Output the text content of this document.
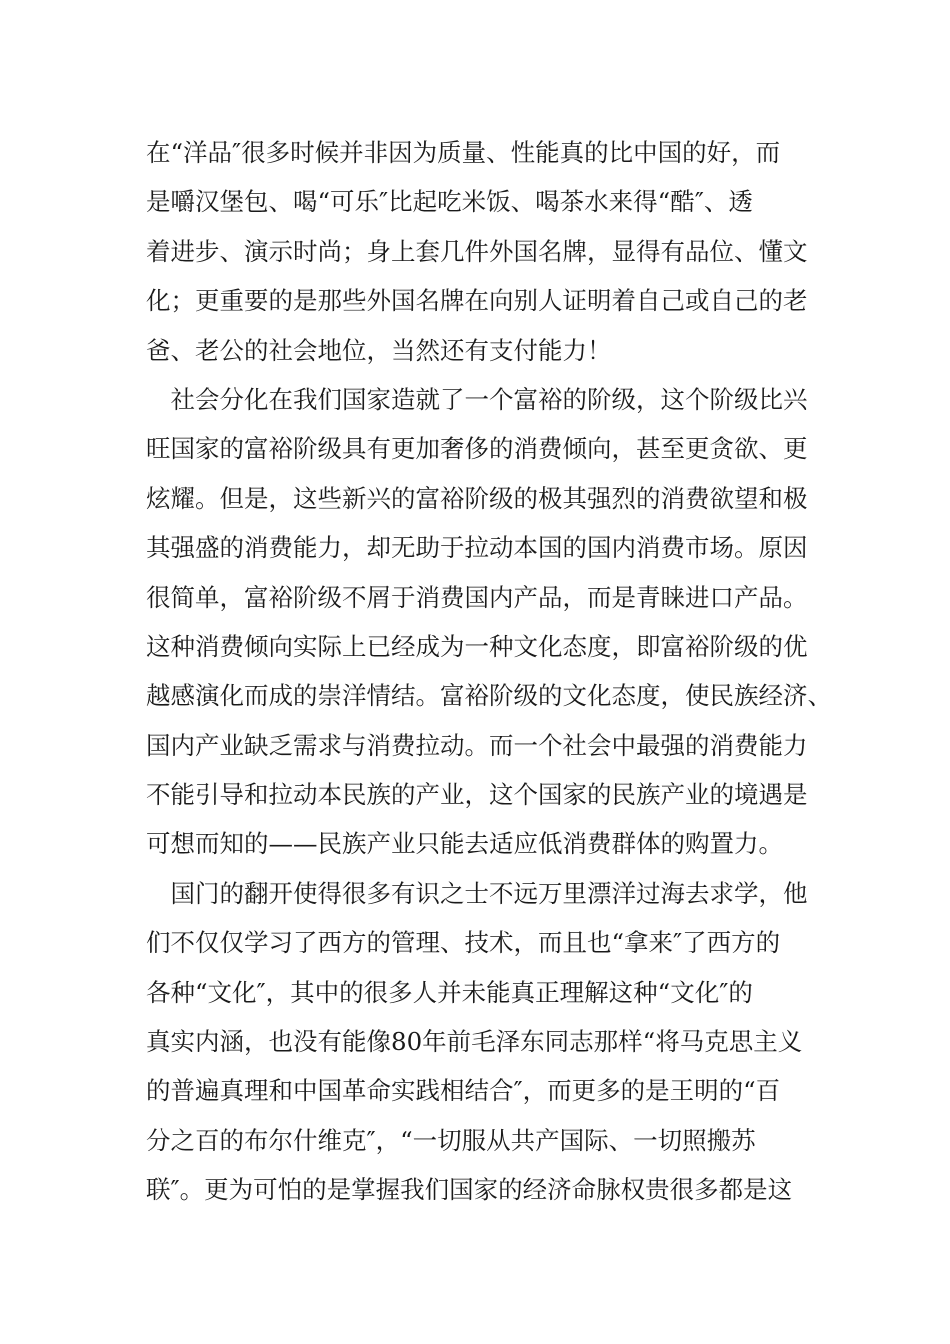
在“洋品″很多时候并非因为质量、性能真的比中国的好，而
是嚼汉堡包、喝“可乐″比起吃米饭、喝茶水来得“酷″、透
着进步、演示时尚；身上套几件外国名牌，显得有品位、懂文
化；更重要的是那些外国名牌在向别人证明着自己或自己的老
爸、老公的社会地位，当然还有支付能力！
　社会分化在我们国家造就了一个富裕的阶级，这个阶级比兴
旺国家的富裕阶级具有更加奢侈的消费倾向，甚至更贪欲、更
炫耀。但是，这些新兴的富裕阶级的极其强烈的消费欲望和极
其强盛的消费能力，却无助于拉动本国的国内消费市场。原因
很简单，富裕阶级不屑于消费国内产品，而是青睐进口产品。
这种消费倾向实际上已经成为一种文化态度，即富裕阶级的优
越感演化而成的崇洋情结。富裕阶级的文化态度，使民族经济、
国内产业缺乏需求与消费拉动。而一个社会中最强的消费能力
不能引导和拉动本民族的产业，这个国家的民族产业的境遇是
可想而知的——民族产业只能去适应低消费群体的购置力。
　国门的翻开使得很多有识之士不远万里漂洋过海去求学，他
们不仅仅学习了西方的管理、技术，而且也“拿来″了西方的
各种“文化″，其中的很多人并未能真正理解这种“文化″的
真实内涵，也没有能像80年前毛泽东同志那样“将马克思主义
的普遍真理和中国革命实践相结合″，而更多的是王明的“百
分之百的布尔什维克″，“一切服从共产国际、一切照搬苏
联″。更为可怕的是掌握我们国家的经济命脉权贵很多都是这
